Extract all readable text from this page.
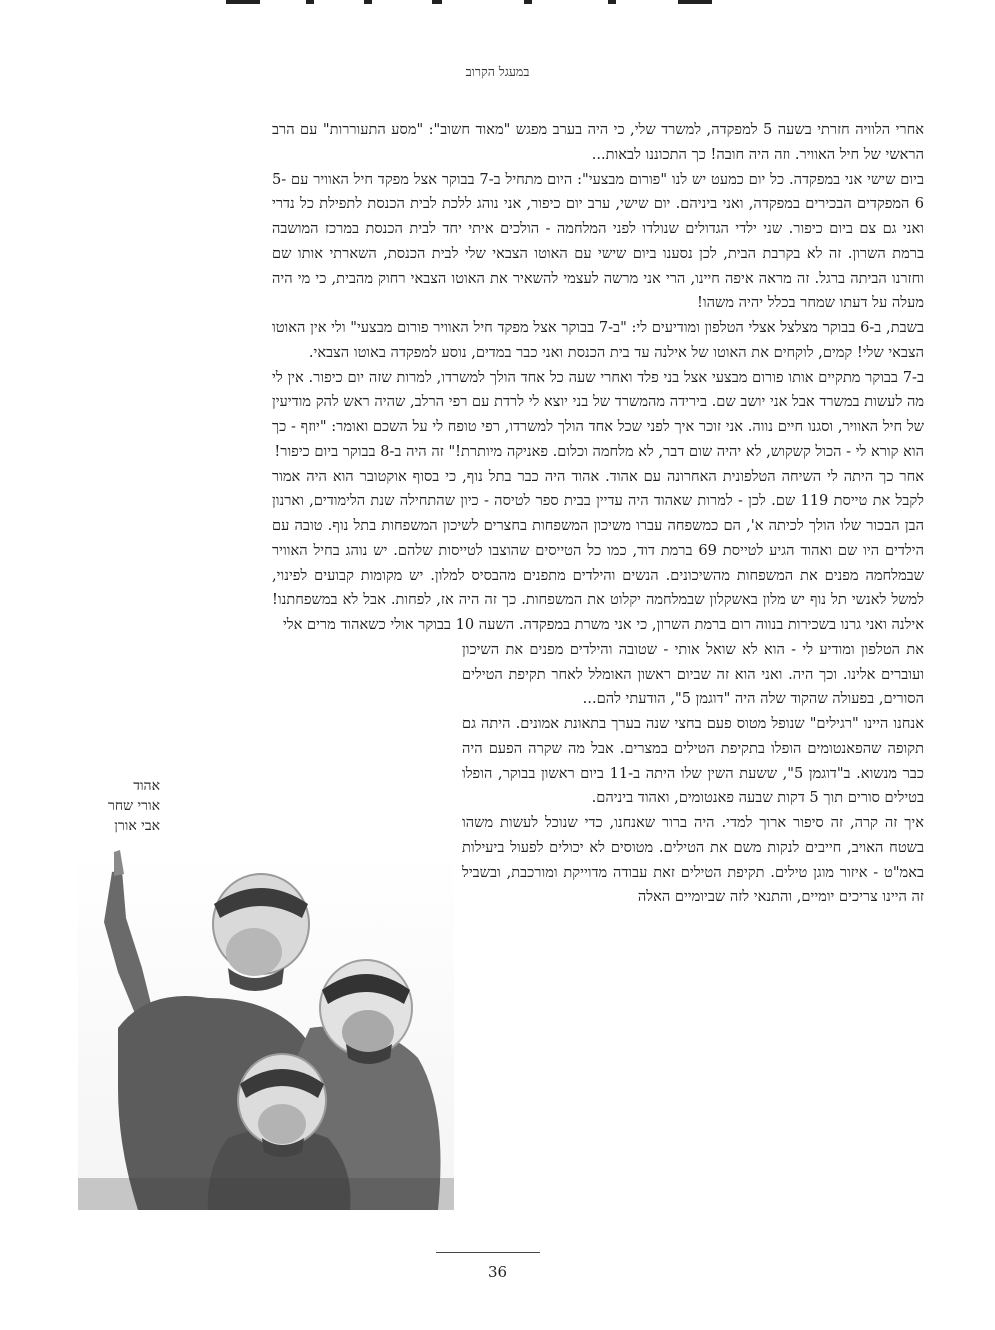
במעגל הקרוב

אחרי הלוויה חזרתי בשעה 5 למפקדה, למשרד שלי, כי היה בערב מפגש "מאוד חשוב": "מסע התעוררות" עם הרב הראשי של חיל האוויר. וזה היה חובה! כך התכוננו לבאות...

ביום שישי אני במפקדה. כל יום כמעט יש לנו "פורום מבצעי": היום מתחיל ב-7 בבוקר אצל מפקד חיל האוויר עם 5-6 המפקדים הבכירים במפקדה, ואני ביניהם. יום שישי, ערב יום כיפור, אני נוהג ללכת לבית הכנסת לתפילת כל נדרי ואני גם צם ביום כיפור. שני ילדי הגדולים שנולדו לפני המלחמה - הולכים איתי יחד לבית הכנסת במרכז המושבה ברמת השרון. זה לא בקרבת הבית, לכן נסענו ביום שישי עם האוטו הצבאי שלי לבית הכנסת, השארתי אותו שם וחזרנו הביתה ברגל. זה מראה איפה חיינו, הרי אני מרשה לעצמי להשאיר את האוטו הצבאי רחוק מהבית, כי מי היה מעלה על דעתו שמחר בכלל יהיה משהו!

בשבת, ב-6 בבוקר מצלצל אצלי הטלפון ומודיעים לי: "ב-7 בבוקר אצל מפקד חיל האוויר פורום מבצעי" ולי אין האוטו הצבאי שלי! קמים, לוקחים את האוטו של אילנה עד בית הכנסת ואני כבר במדים, נוסע למפקדה באוטו הצבאי.

ב-7 בבוקר מתקיים אותו פורום מבצעי אצל בני פלד ואחרי שעה כל אחד הולך למשרדו, למרות שזה יום כיפור. אין לי מה לעשות במשרד אבל אני יושב שם. בירידה מהמשרד של בני יוצא לי לרדת עם רפי הרלב, שהיה ראש להק מודיעין של חיל האוויר, וסגנו חיים נווה. אני זוכר איך לפני שכל אחד הולך למשרדו, רפי טופח לי על השכם ואומר: "יוזף - כך הוא קורא לי - הכול קשקוש, לא יהיה שום דבר, לא מלחמה וכלום. פאניקה מיותרת!" זה היה ב-8 בבוקר ביום כיפור!

אחר כך היתה לי השיחה הטלפונית האחרונה עם אהוד. אהוד היה כבר בתל נוף, כי בסוף אוקטובר הוא היה אמור לקבל את טייסת 119 שם. לכן - למרות שאהוד היה עדיין בבית ספר לטיסה - כיון שהתחילה שנת הלימודים, וארנון הבן הבכור שלו הולך לכיתה א', הם כמשפחה עברו משיכון המשפחות בחצרים לשיכון המשפחות בתל נוף. טובה עם הילדים היו שם ואהוד הגיע לטייסת 69 ברמת דוד, כמו כל הטייסים שהוצבו לטייסות שלהם. יש נוהג בחיל האוויר שבמלחמה מפנים את המשפחות מהשיכונים. הנשים והילדים מתפנים מהבסיס למלון. יש מקומות קבועים לפינוי, למשל לאנשי תל נוף יש מלון באשקלון שבמלחמה יקלוט את המשפחות. כך זה היה אז, לפחות. אבל לא במשפחתנו! אילנה ואני גרנו בשכירות בנווה רום ברמת השרון, כי אני משרת במפקדה. השעה 10 בבוקר אולי כשאהוד מרים אלי

את הטלפון ומודיע לי - הוא לא שואל אותי - שטובה והילדים מפנים את השיכון ועוברים אלינו. וכך היה. ואני הוא זה שביום ראשון האומלל לאחר תקיפת הטילים הסורים, בפעולה שהקוד שלה היה "דוגמן 5", הודעתי להם...

אנחנו היינו "רגילים" שנופל מטוס פעם בחצי שנה בערך בתאונת אמונים. היתה גם תקופה שהפאנטומים הופלו בתקיפת הטילים במצרים. אבל מה שקרה הפעם היה כבר מנשוא. ב"דוגמן 5", ששעת השין שלו היתה ב-11 ביום ראשון בבוקר, הופלו בטילים סורים תוך 5 דקות שבעה פאנטומים, ואהוד ביניהם.

איך זה קרה, זה סיפור ארוך למדי. היה ברור שאנחנו, כדי שנוכל לעשות משהו בשטח האויב, חייבים לנקות משם את הטילים. מטוסים לא יכולים לפעול ביעילות באמ"ט - איזור מוגן טילים. תקיפת הטילים זאת עבודה מדוייקת ומורכבת, ובשביל זה היינו צריכים יומיים, והתנאי לזה שביומיים האלה

אהוד
אורי שחר
אבי אורן
36
